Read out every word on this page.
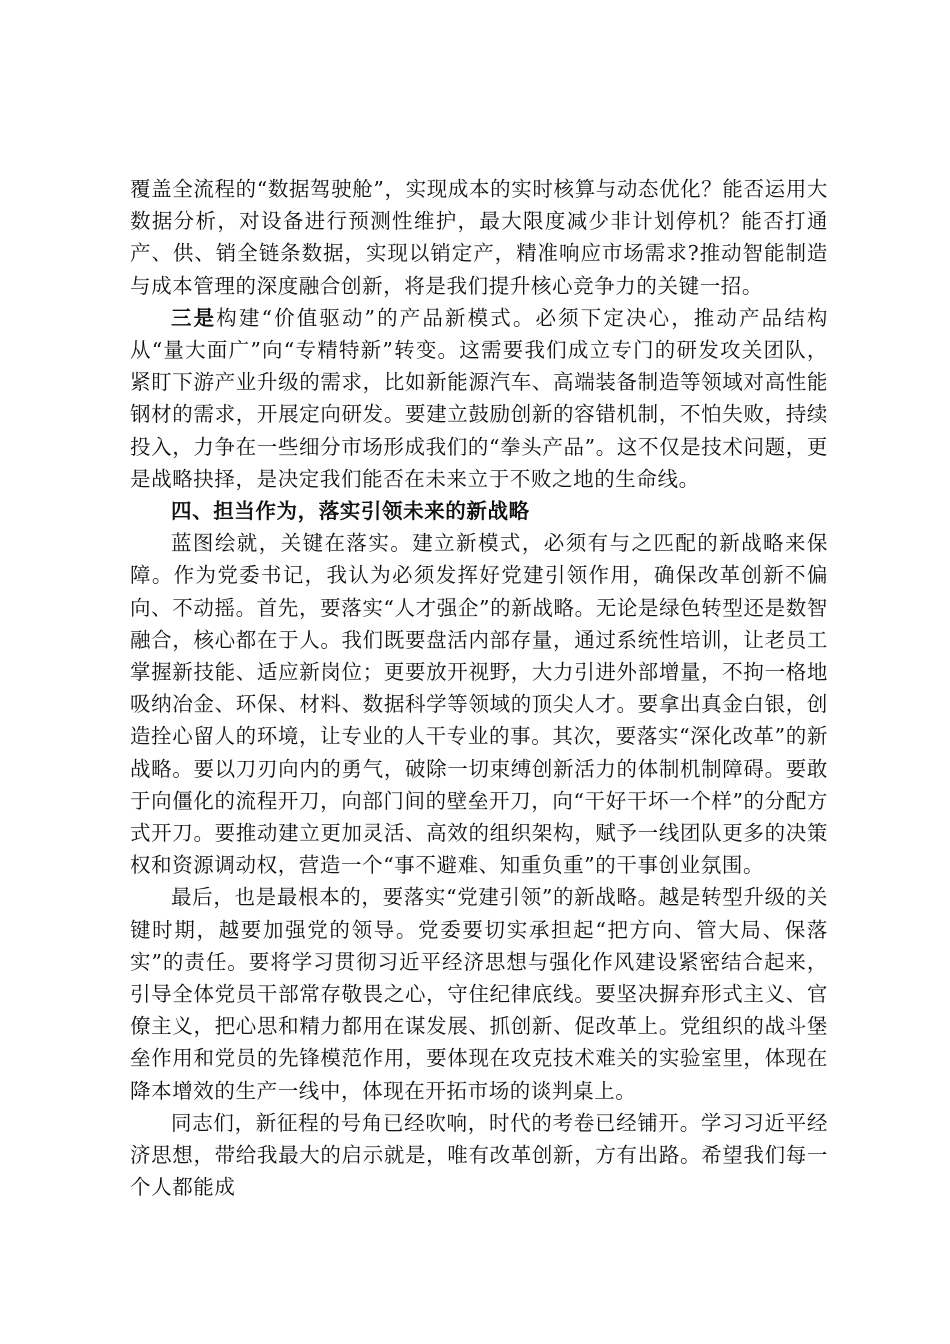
覆盖全流程的“数据驾驶舱”，实现成本的实时核算与动态优化？能否运用大数据分析，对设备进行预测性维护，最大限度减少非计划停机？能否打通产、供、销全链条数据，实现以销定产，精准响应市场需求?推动智能制造与成本管理的深度融合创新，将是我们提升核心竞争力的关键一招。

三是构建“价值驱动”的产品新模式。必须下定决心，推动产品结构从“量大面广”向“专精特新”转变。这需要我们成立专门的研发攻关团队，紧盯下游产业升级的需求，比如新能源汽车、高端装备制造等领域对高性能钢材的需求，开展定向研发。要建立鼓励创新的容错机制，不怕失败，持续投入，力争在一些细分市场形成我们的“拳头产品”。这不仅是技术问题，更是战略抉择，是决定我们能否在未来立于不败之地的生命线。

四、担当作为，落实引领未来的新战略

蓝图绘就，关键在落实。建立新模式，必须有与之匹配的新战略来保障。作为党委书记，我认为必须发挥好党建引领作用，确保改革创新不偏向、不动摇。首先，要落实“人才强企”的新战略。无论是绿色转型还是数智融合，核心都在于人。我们既要盘活内部存量，通过系统性培训，让老员工掌握新技能、适应新岗位；更要放开视野，大力引进外部增量，不拘一格地吸纳冶金、环保、材料、数据科学等领域的顶尖人才。要拿出真金白银，创造拴心留人的环境，让专业的人干专业的事。其次，要落实“深化改革”的新战略。要以刀刃向内的勇气，破除一切束缚创新活力的体制机制障碍。要敢于向僵化的流程开刀，向部门间的壁垒开刀，向“干好干坏一个样”的分配方式开刀。要推动建立更加灵活、高效的组织架构，赋予一线团队更多的决策权和资源调动权，营造一个“事不避难、知重负重”的干事创业氛围。

最后，也是最根本的，要落实“党建引领”的新战略。越是转型升级的关键时期，越要加强党的领导。党委要切实承担起“把方向、管大局、保落实”的责任。要将学习贯彻习近平经济思想与强化作风建设紧密结合起来，引导全体党员干部常存敬畏之心，守住纪律底线。要坚决摒弃形式主义、官僚主义，把心思和精力都用在谋发展、抓创新、促改革上。党组织的战斗堡垒作用和党员的先锋模范作用，要体现在攻克技术难关的实验室里，体现在降本增效的生产一线中，体现在开拓市场的谈判桌上。

同志们，新征程的号角已经吹响，时代的考卷已经铺开。学习习近平经济思想，带给我最大的启示就是，唯有改革创新，方有出路。希望我们每一个人都能成
